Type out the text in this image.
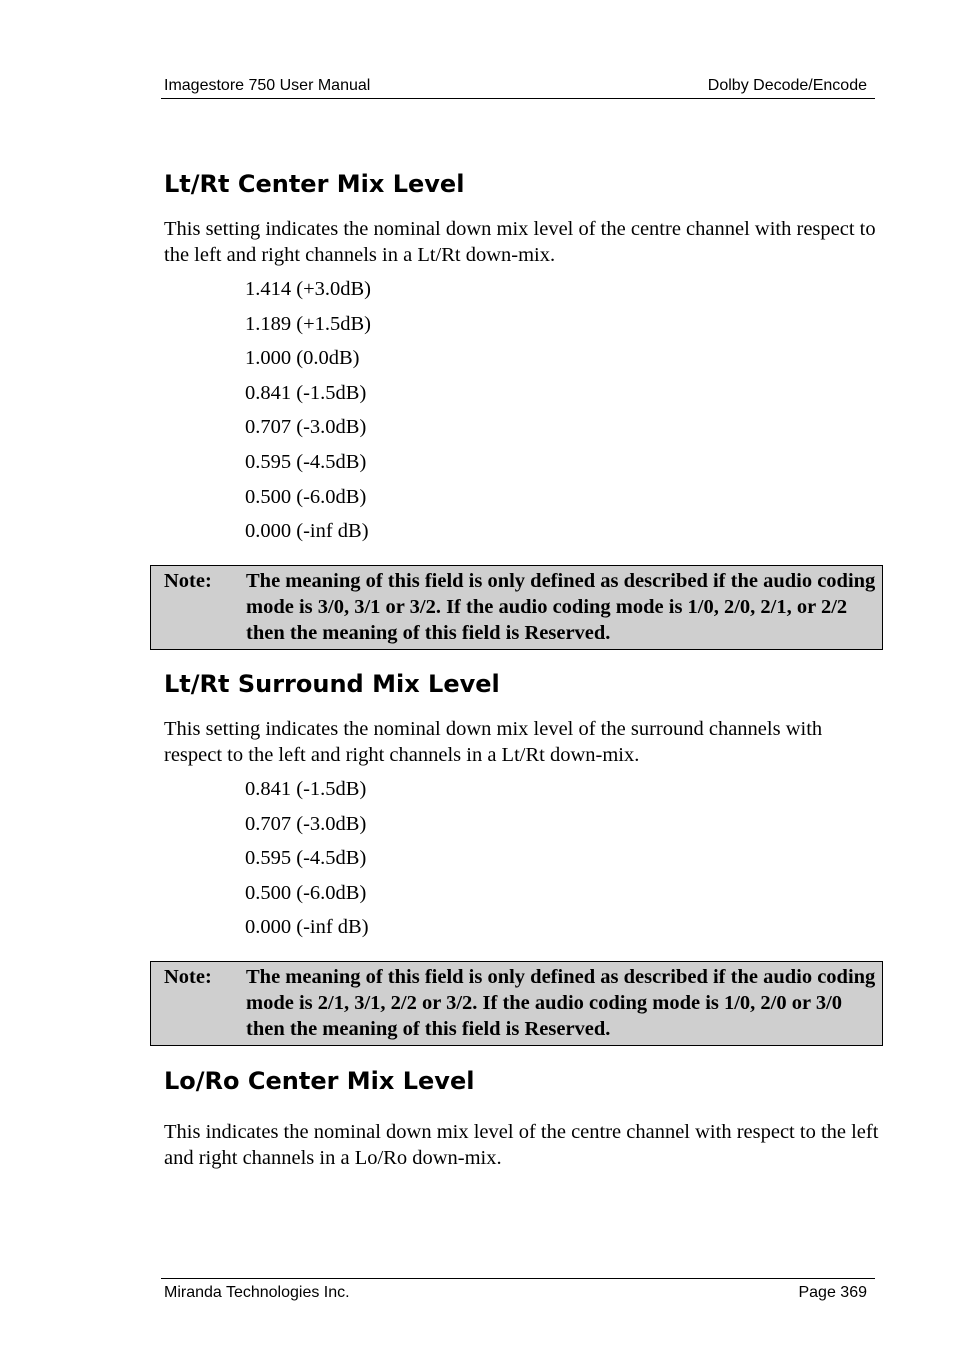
Imagestore 750 User Manual	Dolby Decode/Encode
Lt/Rt Center Mix Level

This setting indicates the nominal down mix level of the centre channel with respect to the left and right channels in a Lt/Rt down-mix.

1.414 (+3.0dB)
1.189 (+1.5dB)
1.000 (0.0dB)
0.841 (-1.5dB)
0.707 (-3.0dB)
0.595 (-4.5dB)
0.500 (-6.0dB)
0.000 (-inf dB)
Note: The meaning of this field is only defined as described if the audio coding mode is 3/0, 3/1 or 3/2. If the audio coding mode is 1/0, 2/0, 2/1, or 2/2 then the meaning of this field is Reserved.
Lt/Rt Surround Mix Level

This setting indicates the nominal down mix level of the surround channels with respect to the left and right channels in a Lt/Rt down-mix.

0.841 (-1.5dB)
0.707 (-3.0dB)
0.595 (-4.5dB)
0.500 (-6.0dB)
0.000 (-inf dB)
Note: The meaning of this field is only defined as described if the audio coding mode is 2/1, 3/1, 2/2 or 3/2. If the audio coding mode is 1/0, 2/0 or 3/0 then the meaning of this field is Reserved.
Lo/Ro Center Mix Level

This indicates the nominal down mix level of the centre channel with respect to the left and right channels in a Lo/Ro down-mix.

Miranda Technologies Inc.	Page 369
